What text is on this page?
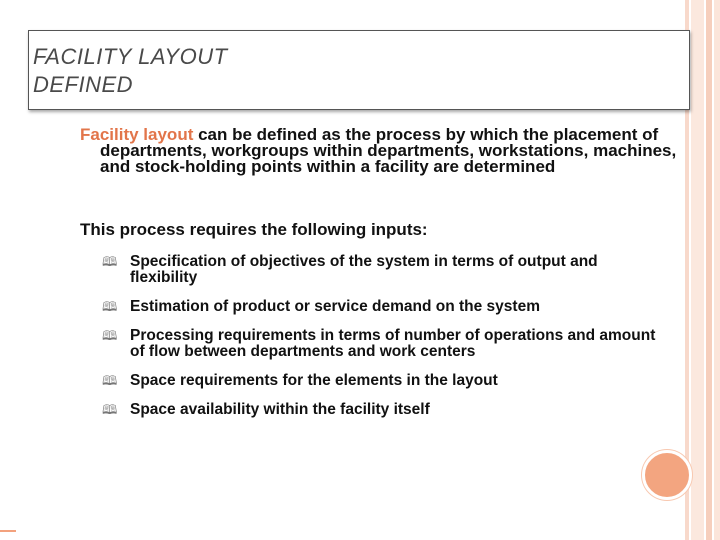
FACILITY LAYOUT
DEFINED
Facility layout can be defined as the process by which the placement of departments, workgroups within departments, workstations, machines, and stock-holding points within a facility are determined
This process requires the following inputs:
🕮 Specification of objectives of the system in terms of output and flexibility
🕮 Estimation of product or service demand on the system
🕮 Processing requirements in terms of number of operations and amount of flow between departments and work centers
🕮 Space requirements for the elements in the layout
🕮 Space availability within the facility itself
